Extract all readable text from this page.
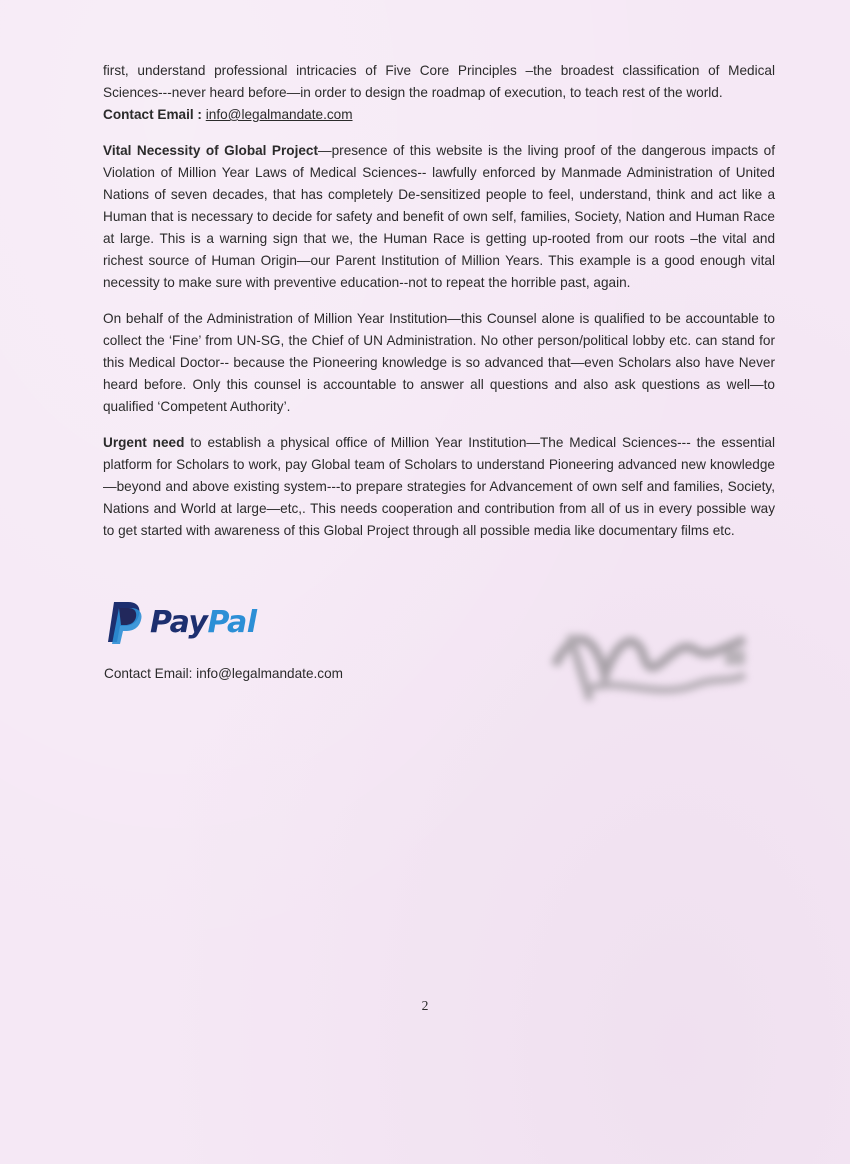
first, understand professional intricacies of Five Core Principles –the broadest classification of Medical Sciences---never heard before—in order to design the roadmap of execution, to teach rest of the world.
Contact Email : info@legalmandate.com

Vital Necessity of Global Project—presence of this website is the living proof of the dangerous impacts of Violation of Million Year Laws of Medical Sciences-- lawfully enforced by Manmade Administration of United Nations of seven decades, that has completely De-sensitized people to feel, understand, think and act like a Human that is necessary to decide for safety and benefit of own self, families, Society, Nation and Human Race at large. This is a warning sign that we, the Human Race is getting up-rooted from our roots –the vital and richest source of Human Origin—our Parent Institution of Million Years. This example is a good enough vital necessity to make sure with preventive education--not to repeat the horrible past, again.

On behalf of the Administration of Million Year Institution—this Counsel alone is qualified to be accountable to collect the ‘Fine’ from UN-SG, the Chief of UN Administration. No other person/political lobby etc. can stand for this Medical Doctor-- because the Pioneering knowledge is so advanced that—even Scholars also have Never heard before. Only this counsel is accountable to answer all questions and also ask questions as well—to qualified ‘Competent Authority’.

Urgent need to establish a physical office of Million Year Institution—The Medical Sciences--- the essential platform for Scholars to work, pay Global team of Scholars to understand Pioneering advanced new knowledge—beyond and above existing system---to prepare strategies for Advancement of own self and families, Society, Nations and World at large—etc,. This needs cooperation and contribution from all of us in every possible way to get started with awareness of this Global Project through all possible media like documentary films etc.

PayPal
Contact Email: info@legalmandate.com
2
